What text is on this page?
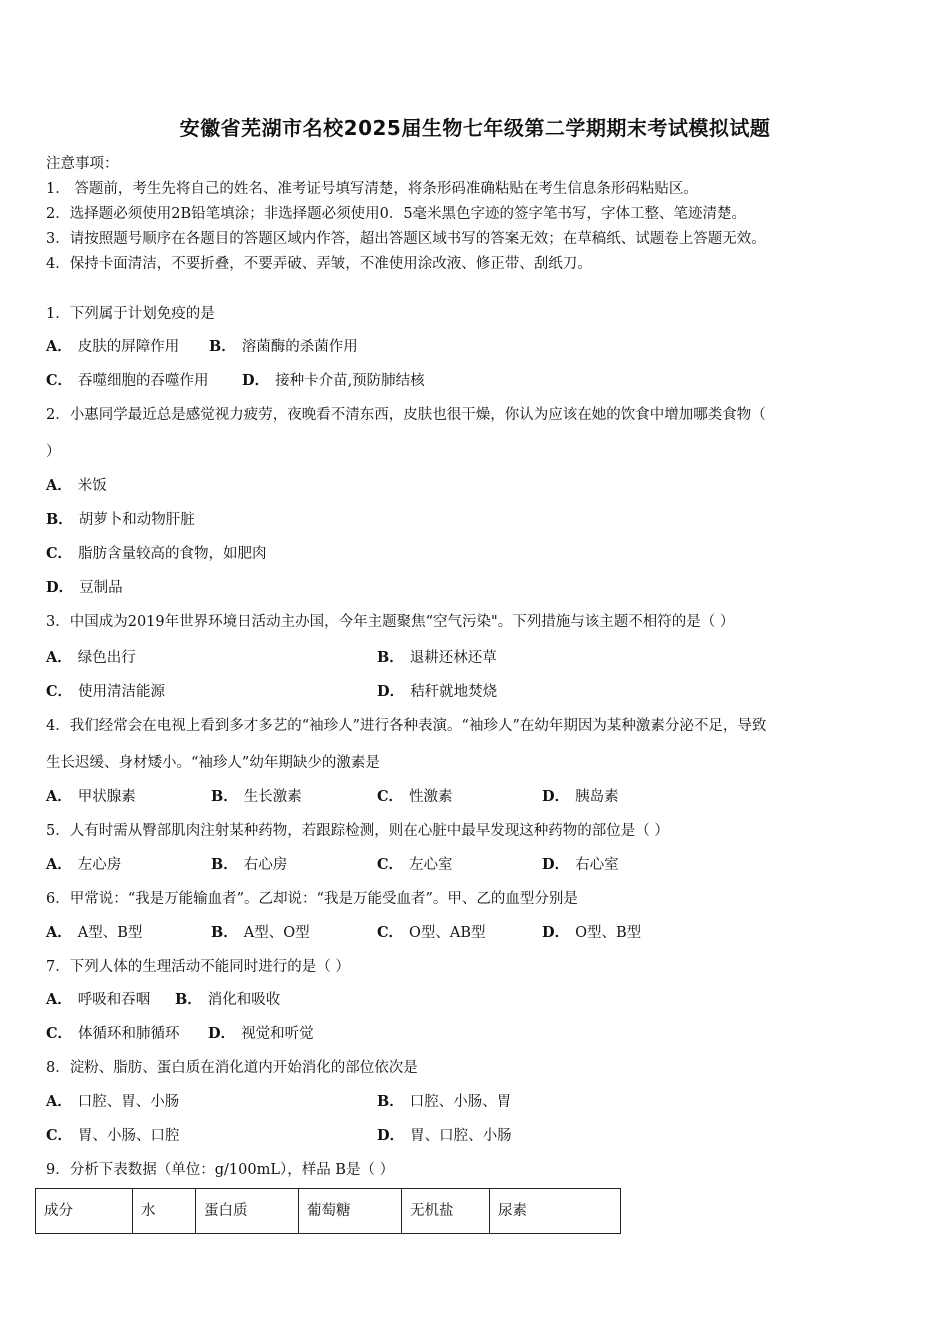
安徽省芜湖市名校2025届生物七年级第二学期期末考试模拟试题
注意事项：
1． 答题前，考生先将自己的姓名、准考证号填写清楚，将条形码准确粘贴在考生信息条形码粘贴区。
2．选择题必须使用2B铅笔填涂；非选择题必须使用0．5毫米黑色字迹的签字笔书写，字体工整、笔迹清楚。
3．请按照题号顺序在各题目的答题区域内作答，超出答题区域书写的答案无效；在草稿纸、试题卷上答题无效。
4．保持卡面清洁，不要折叠，不要弄破、弄皱，不准使用涂改液、修正带、刮纸刀。
1．下列属于计划免疫的是
A． 皮肤的屏障作用 B． 溶菌酶的杀菌作用
C． 吞噬细胞的吞噬作用 D． 接种卡介苗,预防肺结核
2．小惠同学最近总是感觉视力疲劳，夜晚看不清东西，皮肤也很干燥，你认为应该在她的饮食中增加哪类食物（
）
A． 米饭
B． 胡萝卜和动物肝脏
C． 脂肪含量较高的食物，如肥肉
D． 豆制品
3．中国成为2019年世界环境日活动主办国，今年主题聚焦“空气污染"。下列措施与该主题不相符的是（ ）
A． 绿色出行	B． 退耕还林还草
C． 使用清洁能源	D． 秸秆就地焚烧
4．我们经常会在电视上看到多才多艺的“袖珍人”进行各种表演。“袖珍人”在幼年期因为某种激素分泌不足，导致
生长迟缓、身材矮小。“袖珍人”幼年期缺少的激素是
A． 甲状腺素	B． 生长激素	C． 性激素	D． 胰岛素
5．人有时需从臀部肌肉注射某种药物，若跟踪检测，则在心脏中最早发现这种药物的部位是（ ）
A． 左心房	B． 右心房	C． 左心室	D． 右心室
6．甲常说：“我是万能输血者”。乙却说：“我是万能受血者”。甲、乙的血型分别是
A． A型、B型	B． A型、O型	C． O型、AB型	D． O型、B型
7．下列人体的生理活动不能同时进行的是（ ）
A． 呼吸和吞咽 B． 消化和吸收
C． 体循环和肺循环 D． 视觉和听觉
8．淀粉、脂肪、蛋白质在消化道内开始消化的部位依次是
A． 口腔、胃、小肠	B． 口腔、小肠、胃
C． 胃、小肠、口腔	D． 胃、口腔、小肠
9．分析下表数据（单位：g/100mL），样品 B是（ ）
成分	水	蛋白质	葡萄糖	无机盐	尿素
